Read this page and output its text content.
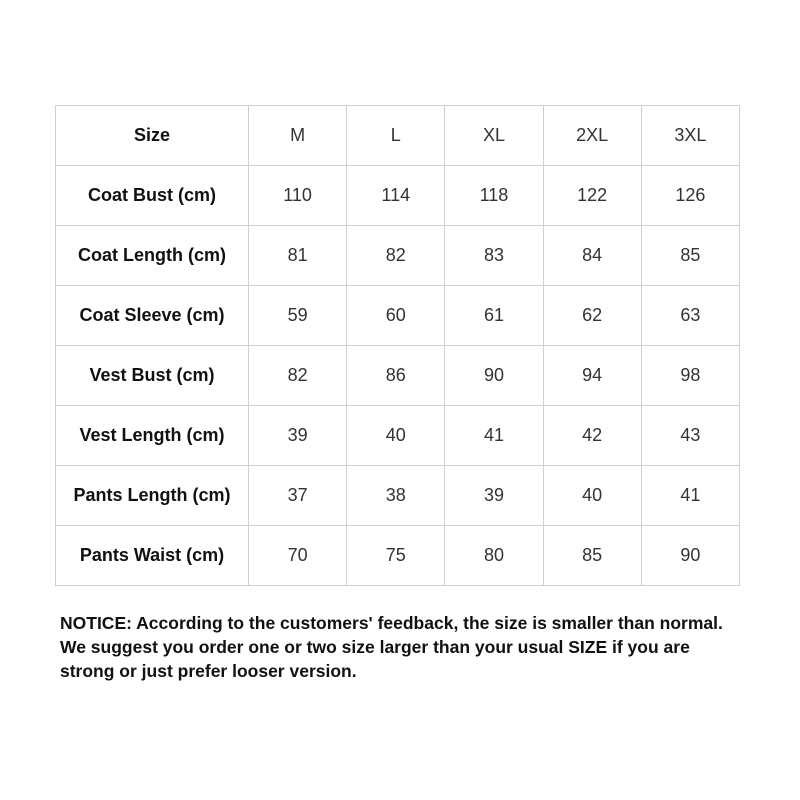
Size	M	L	XL	2XL	3XL
Coat Bust (cm)	110	114	118	122	126
Coat Length (cm)	81	82	83	84	85
Coat Sleeve (cm)	59	60	61	62	63
Vest Bust (cm)	82	86	90	94	98
Vest Length (cm)	39	40	41	42	43
Pants Length (cm)	37	38	39	40	41
Pants Waist (cm)	70	75	80	85	90

NOTICE: According to the customers' feedback, the size is smaller than normal. We suggest you order one or two size larger than your usual SIZE if you are strong or just prefer looser version.
